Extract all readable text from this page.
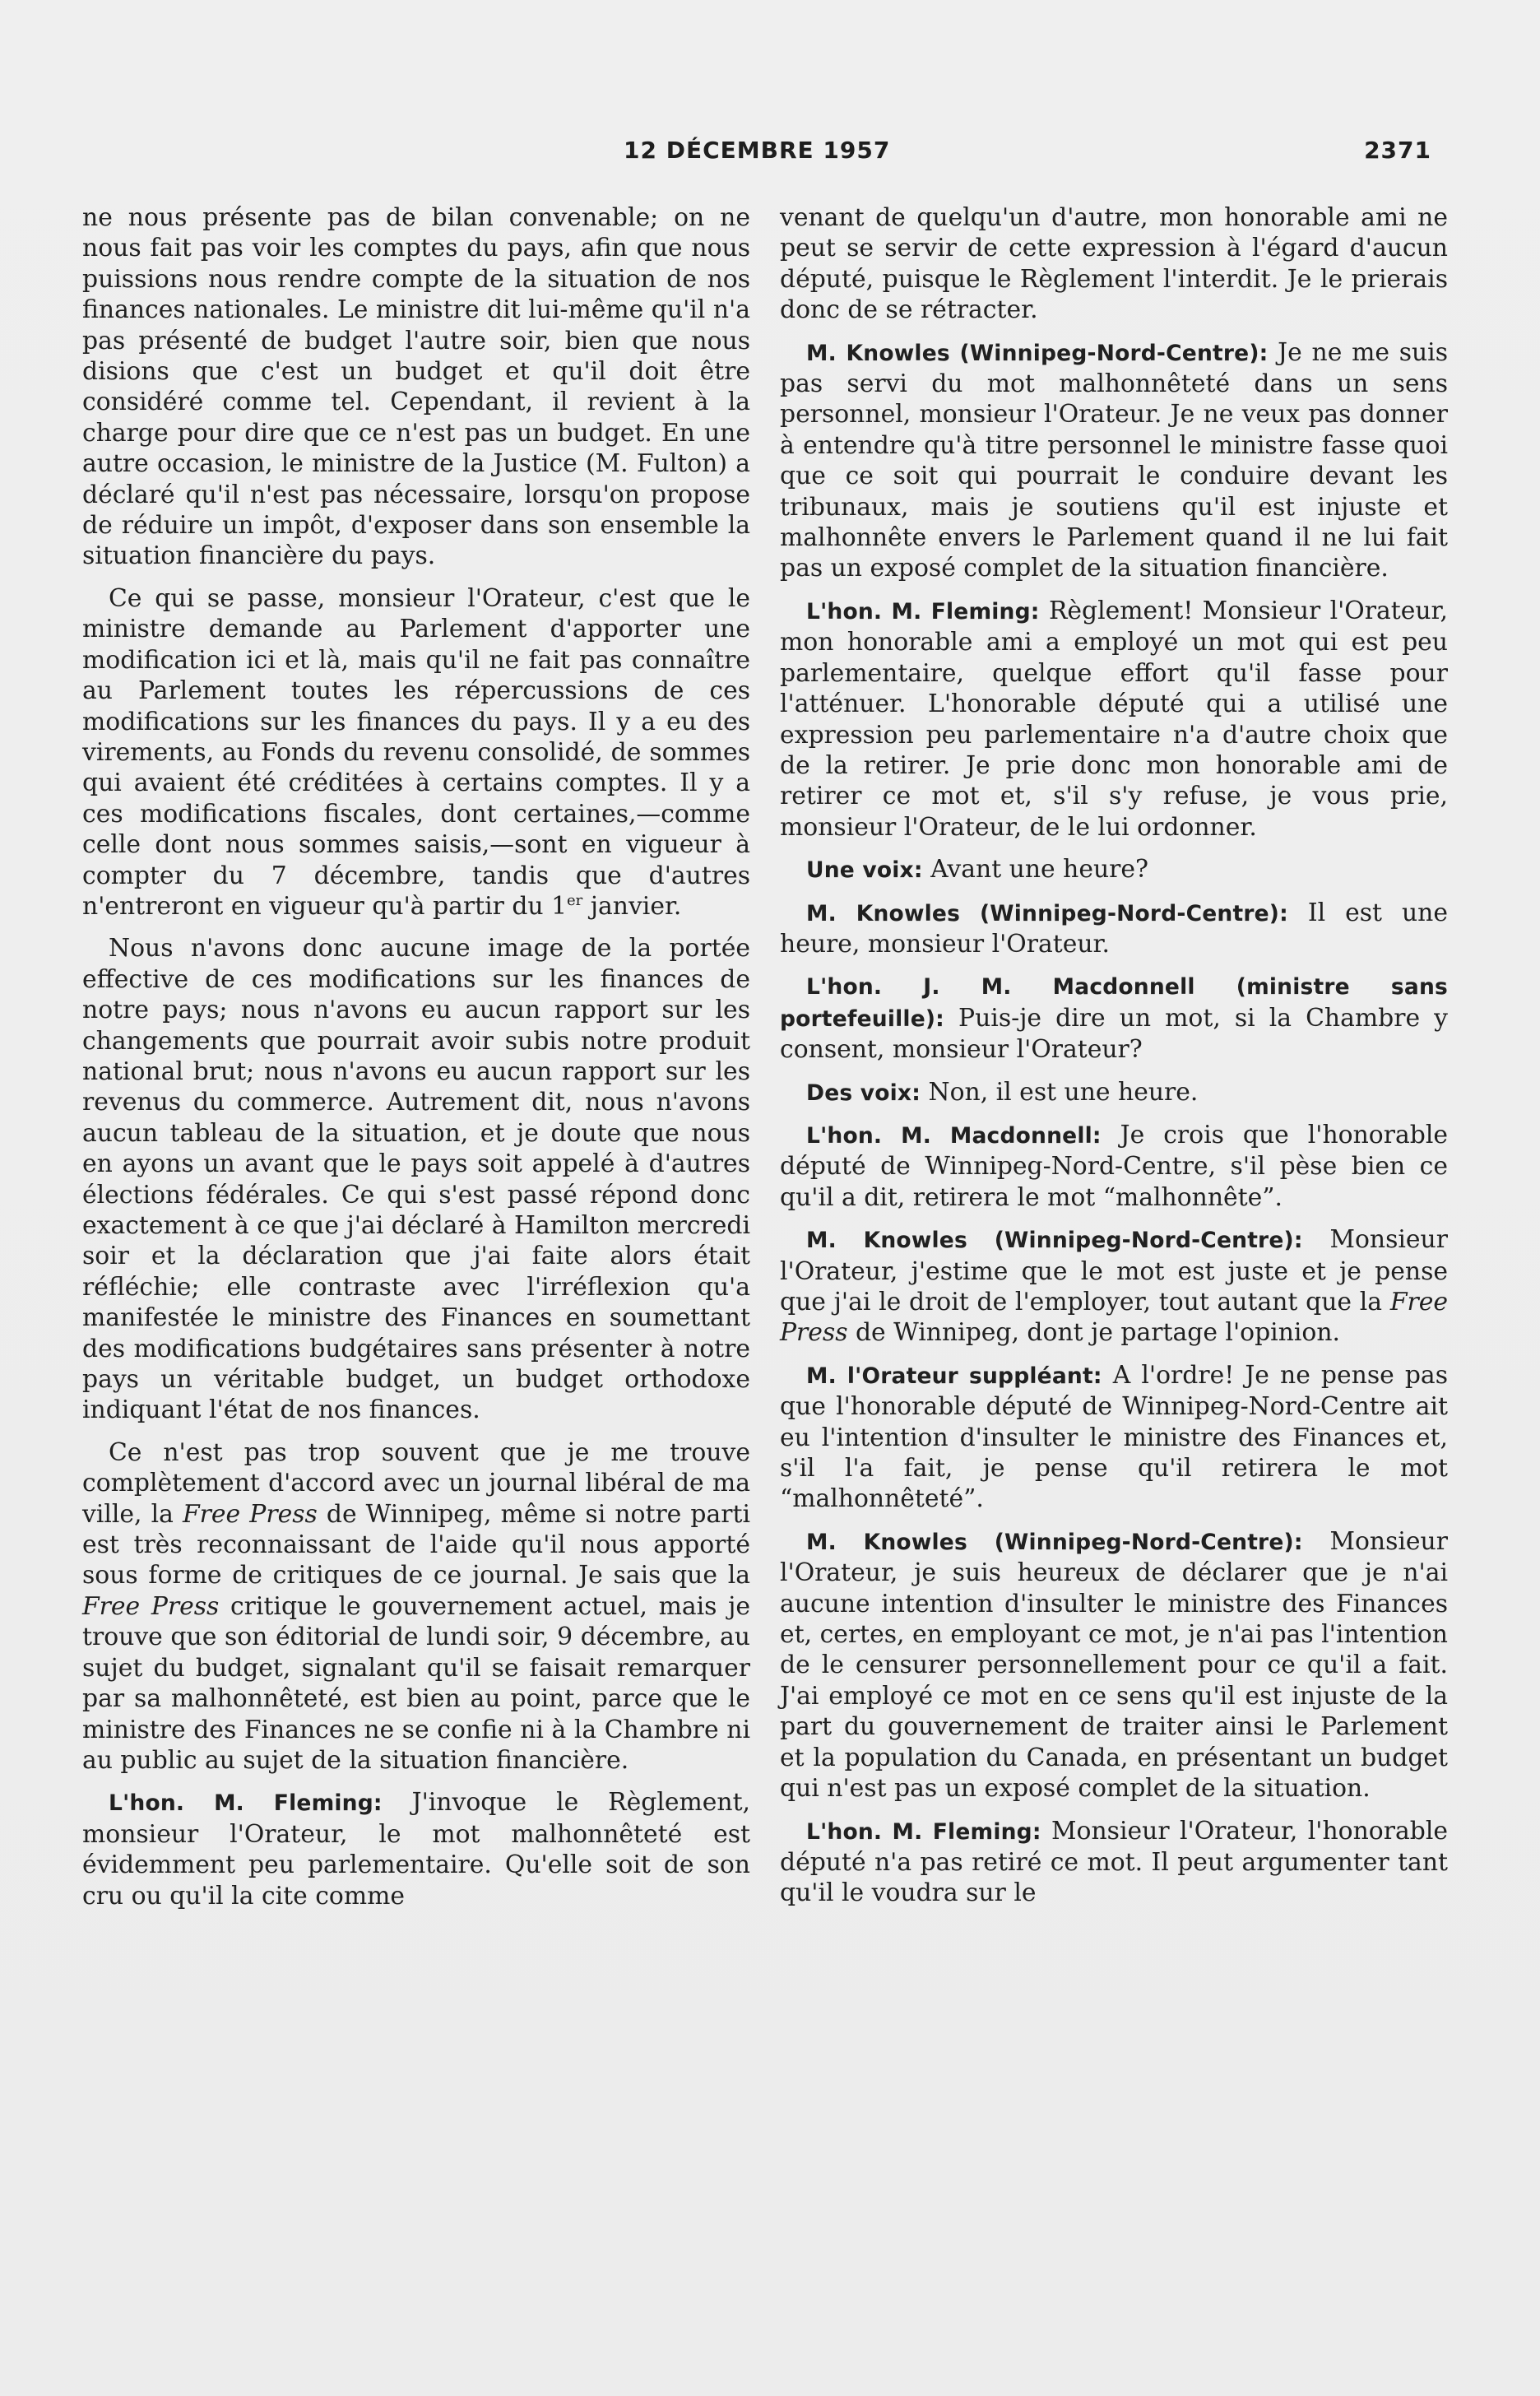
12 DÉCEMBRE 1957	2371

ne nous présente pas de bilan convenable; on ne nous fait pas voir les comptes du pays, afin que nous puissions nous rendre compte de la situation de nos finances nationales. Le ministre dit lui-même qu'il n'a pas présenté de budget l'autre soir, bien que nous disions que c'est un budget et qu'il doit être considéré comme tel. Cependant, il revient à la charge pour dire que ce n'est pas un budget. En une autre occasion, le ministre de la Justice (M. Fulton) a déclaré qu'il n'est pas nécessaire, lorsqu'on propose de réduire un impôt, d'exposer dans son ensemble la situation financière du pays.

Ce qui se passe, monsieur l'Orateur, c'est que le ministre demande au Parlement d'apporter une modification ici et là, mais qu'il ne fait pas connaître au Parlement toutes les répercussions de ces modifications sur les finances du pays. Il y a eu des virements, au Fonds du revenu consolidé, de sommes qui avaient été créditées à certains comptes. Il y a ces modifications fiscales, dont certaines,—comme celle dont nous sommes saisis,—sont en vigueur à compter du 7 décembre, tandis que d'autres n'entreront en vigueur qu'à partir du 1er janvier.

Nous n'avons donc aucune image de la portée effective de ces modifications sur les finances de notre pays; nous n'avons eu aucun rapport sur les changements que pourrait avoir subis notre produit national brut; nous n'avons eu aucun rapport sur les revenus du commerce. Autrement dit, nous n'avons aucun tableau de la situation, et je doute que nous en ayons un avant que le pays soit appelé à d'autres élections fédérales. Ce qui s'est passé répond donc exactement à ce que j'ai déclaré à Hamilton mercredi soir et la déclaration que j'ai faite alors était réfléchie; elle contraste avec l'irréflexion qu'a manifestée le ministre des Finances en soumettant des modifications budgétaires sans présenter à notre pays un véritable budget, un budget orthodoxe indiquant l'état de nos finances.

Ce n'est pas trop souvent que je me trouve complètement d'accord avec un journal libéral de ma ville, la Free Press de Winnipeg, même si notre parti est très reconnaissant de l'aide qu'il nous apporté sous forme de critiques de ce journal. Je sais que la Free Press critique le gouvernement actuel, mais je trouve que son éditorial de lundi soir, 9 décembre, au sujet du budget, signalant qu'il se faisait remarquer par sa malhonnêteté, est bien au point, parce que le ministre des Finances ne se confie ni à la Chambre ni au public au sujet de la situation financière.

L'hon. M. Fleming: J'invoque le Règlement, monsieur l'Orateur, le mot malhonnêteté est évidemment peu parlementaire. Qu'elle soit de son cru ou qu'il la cite comme

venant de quelqu'un d'autre, mon honorable ami ne peut se servir de cette expression à l'égard d'aucun député, puisque le Règlement l'interdit. Je le prierais donc de se rétracter.

M. Knowles (Winnipeg-Nord-Centre): Je ne me suis pas servi du mot malhonnêteté dans un sens personnel, monsieur l'Orateur. Je ne veux pas donner à entendre qu'à titre personnel le ministre fasse quoi que ce soit qui pourrait le conduire devant les tribunaux, mais je soutiens qu'il est injuste et malhonnête envers le Parlement quand il ne lui fait pas un exposé complet de la situation financière.

L'hon. M. Fleming: Règlement! Monsieur l'Orateur, mon honorable ami a employé un mot qui est peu parlementaire, quelque effort qu'il fasse pour l'atténuer. L'honorable député qui a utilisé une expression peu parlementaire n'a d'autre choix que de la retirer. Je prie donc mon honorable ami de retirer ce mot et, s'il s'y refuse, je vous prie, monsieur l'Orateur, de le lui ordonner.

Une voix: Avant une heure?

M. Knowles (Winnipeg-Nord-Centre): Il est une heure, monsieur l'Orateur.

L'hon. J. M. Macdonnell (ministre sans portefeuille): Puis-je dire un mot, si la Chambre y consent, monsieur l'Orateur?

Des voix: Non, il est une heure.

L'hon. M. Macdonnell: Je crois que l'honorable député de Winnipeg-Nord-Centre, s'il pèse bien ce qu'il a dit, retirera le mot “malhonnête”.

M. Knowles (Winnipeg-Nord-Centre): Monsieur l'Orateur, j'estime que le mot est juste et je pense que j'ai le droit de l'employer, tout autant que la Free Press de Winnipeg, dont je partage l'opinion.

M. l'Orateur suppléant: A l'ordre! Je ne pense pas que l'honorable député de Winnipeg-Nord-Centre ait eu l'intention d'insulter le ministre des Finances et, s'il l'a fait, je pense qu'il retirera le mot “malhonnêteté”.

M. Knowles (Winnipeg-Nord-Centre): Monsieur l'Orateur, je suis heureux de déclarer que je n'ai aucune intention d'insulter le ministre des Finances et, certes, en employant ce mot, je n'ai pas l'intention de le censurer personnellement pour ce qu'il a fait. J'ai employé ce mot en ce sens qu'il est injuste de la part du gouvernement de traiter ainsi le Parlement et la population du Canada, en présentant un budget qui n'est pas un exposé complet de la situation.

L'hon. M. Fleming: Monsieur l'Orateur, l'honorable député n'a pas retiré ce mot. Il peut argumenter tant qu'il le voudra sur le
